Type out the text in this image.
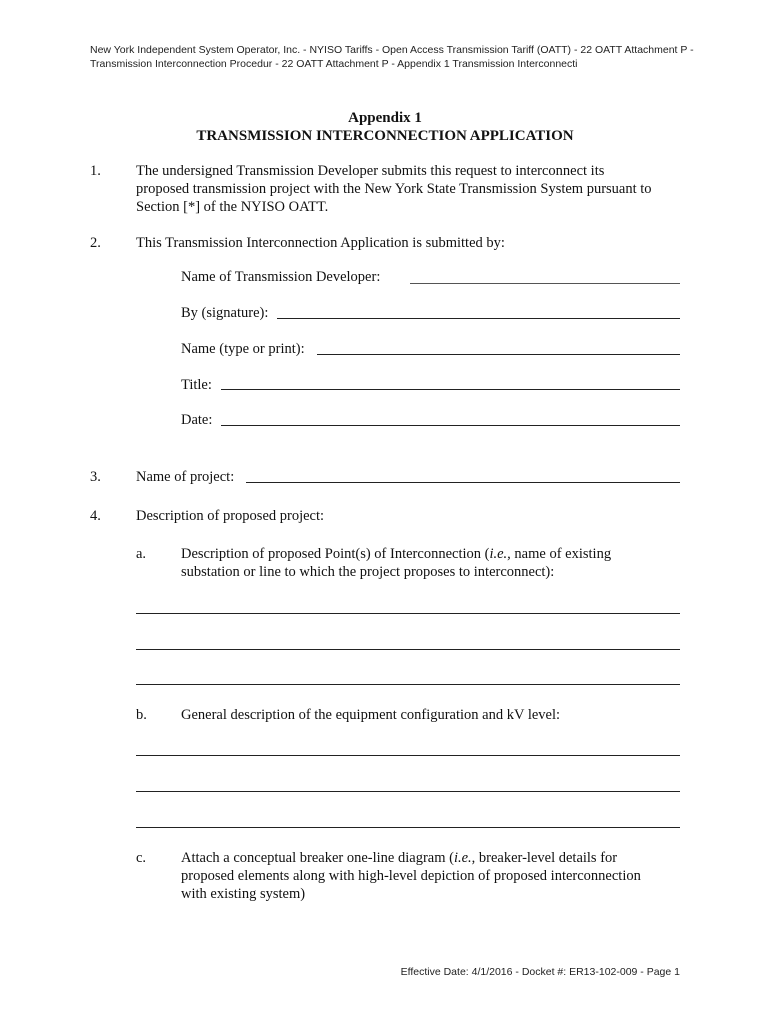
New York Independent System Operator, Inc. - NYISO Tariffs - Open Access Transmission Tariff (OATT) - 22 OATT Attachment P -
Transmission Interconnection Procedur - 22 OATT Attachment P - Appendix 1 Transmission Interconnecti
Appendix 1
TRANSMISSION INTERCONNECTION APPLICATION
1. The undersigned Transmission Developer submits this request to interconnect its
proposed transmission project with the New York State Transmission System pursuant to
Section [*] of the NYISO OATT.
2. This Transmission Interconnection Application is submitted by:
Name of Transmission Developer:
By (signature):
Name (type or print):
Title:
Date:
3. Name of project:
4. Description of proposed project:
a. Description of proposed Point(s) of Interconnection (i.e., name of existing
substation or line to which the project proposes to interconnect):
b. General description of the equipment configuration and kV level:
c. Attach a conceptual breaker one-line diagram (i.e., breaker-level details for
proposed elements along with high-level depiction of proposed interconnection
with existing system)
Effective Date: 4/1/2016 - Docket #: ER13-102-009 - Page 1
